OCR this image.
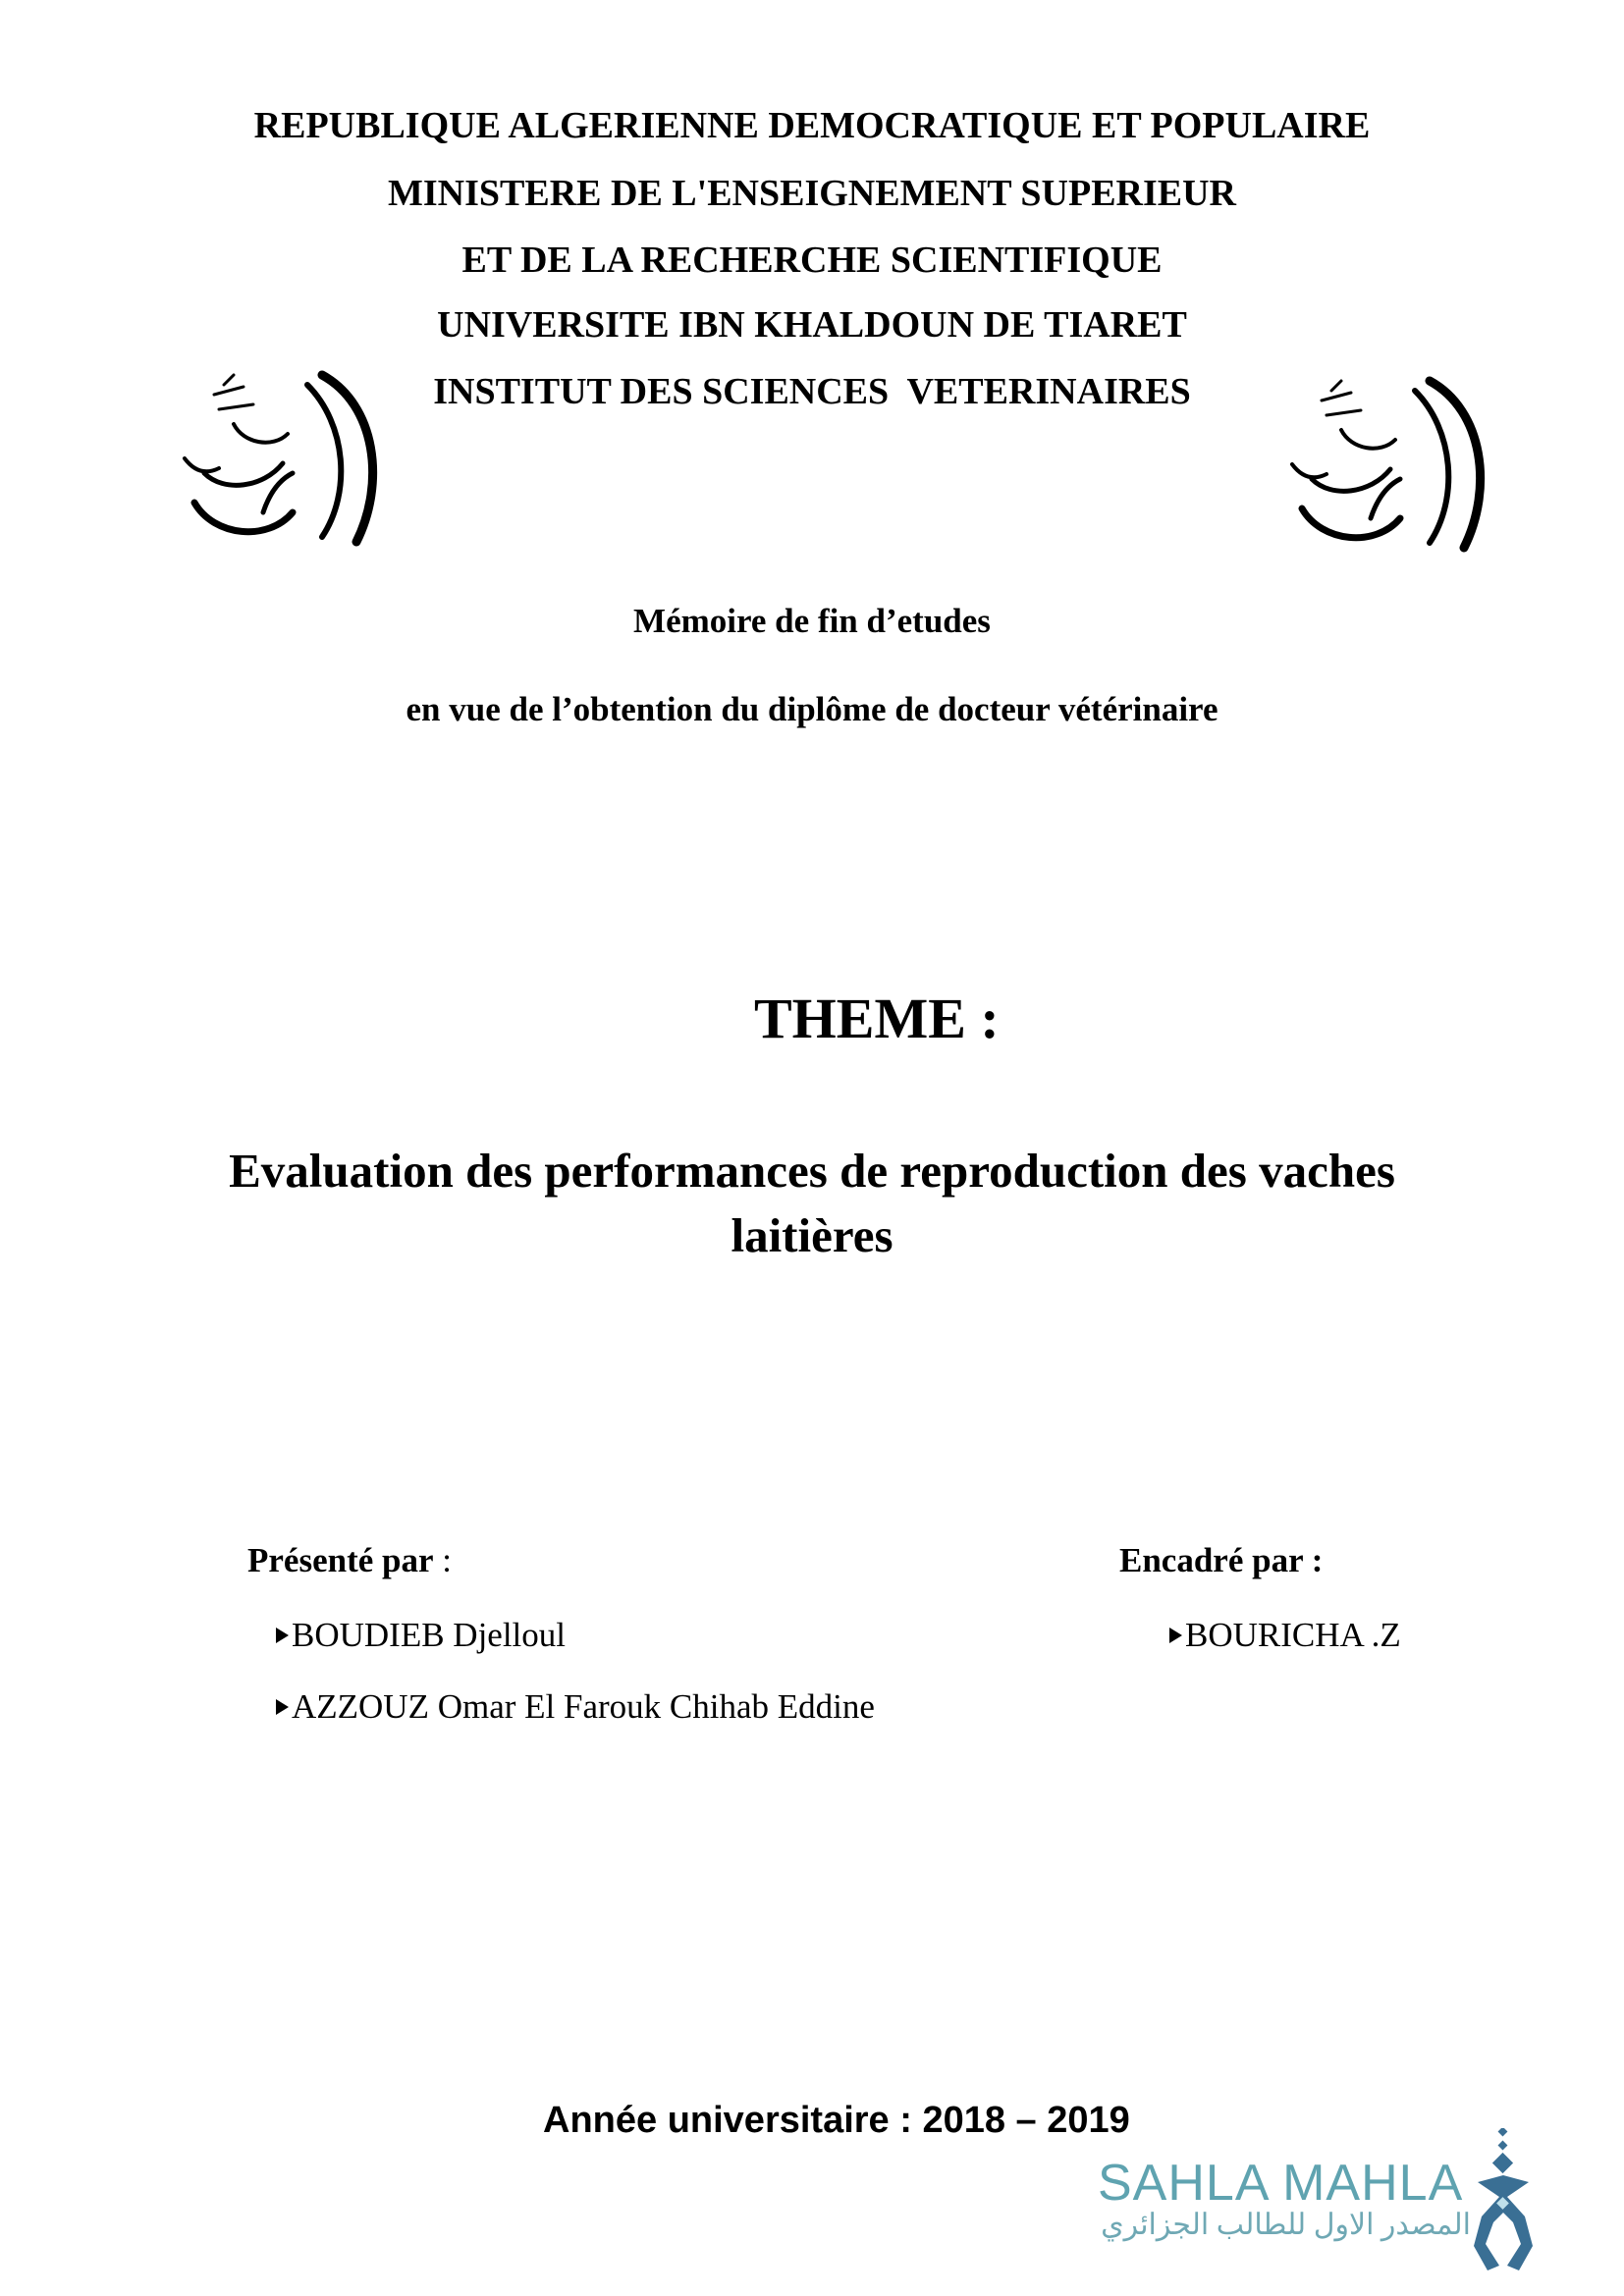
REPUBLIQUE ALGERIENNE DEMOCRATIQUE ET POPULAIRE
MINISTERE DE L'ENSEIGNEMENT SUPERIEUR
ET DE LA RECHERCHE SCIENTIFIQUE
UNIVERSITE IBN KHALDOUN DE TIARET
INSTITUT DES SCIENCES  VETERINAIRES
Mémoire de fin d’etudes
en vue de l’obtention du diplôme de docteur vétérinaire
THEME :
Evaluation des performances de reproduction des vaches
laitières
Présenté par :
BOUDIEB Djelloul
AZZOUZ Omar El Farouk Chihab Eddine
Encadré par :
BOURICHA .Z
Année universitaire : 2018 – 2019
SAHLA MAHLA
المصدر الاول للطالب الجزائري
